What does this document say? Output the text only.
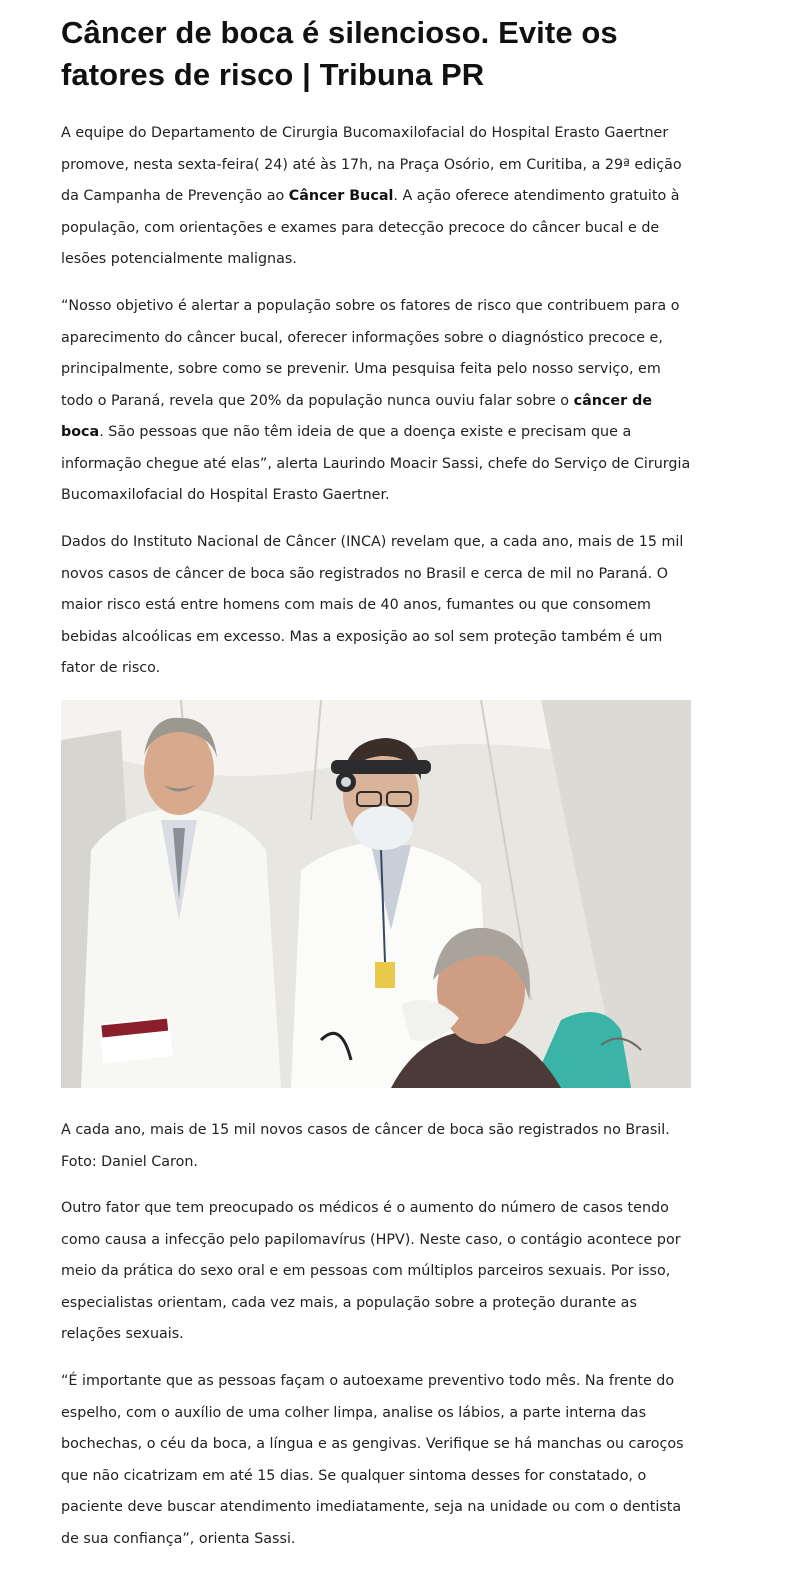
Câncer de boca é silencioso. Evite os fatores de risco | Tribuna PR

A equipe do Departamento de Cirurgia Bucomaxilofacial do Hospital Erasto Gaertner promove, nesta sexta-feira( 24) até às 17h, na Praça Osório, em Curitiba, a 29ª edição da Campanha de Prevenção ao Câncer Bucal. A ação oferece atendimento gratuito à população, com orientações e exames para detecção precoce do câncer bucal e de lesões potencialmente malignas.

“Nosso objetivo é alertar a população sobre os fatores de risco que contribuem para o aparecimento do câncer bucal, oferecer informações sobre o diagnóstico precoce e, principalmente, sobre como se prevenir. Uma pesquisa feita pelo nosso serviço, em todo o Paraná, revela que 20% da população nunca ouviu falar sobre o câncer de boca. São pessoas que não têm ideia de que a doença existe e precisam que a informação chegue até elas”, alerta Laurindo Moacir Sassi, chefe do Serviço de Cirurgia Bucomaxilofacial do Hospital Erasto Gaertner.

Dados do Instituto Nacional de Câncer (INCA) revelam que, a cada ano, mais de 15 mil novos casos de câncer de boca são registrados no Brasil e cerca de mil no Paraná. O maior risco está entre homens com mais de 40 anos, fumantes ou que consomem bebidas alcoólicas em excesso. Mas a exposição ao sol sem proteção também é um fator de risco.

A cada ano, mais de 15 mil novos casos de câncer de boca são registrados no Brasil. Foto: Daniel Caron.

Outro fator que tem preocupado os médicos é o aumento do número de casos tendo como causa a infecção pelo papilomavírus (HPV). Neste caso, o contágio acontece por meio da prática do sexo oral e em pessoas com múltiplos parceiros sexuais. Por isso, especialistas orientam, cada vez mais, a população sobre a proteção durante as relações sexuais.

“É importante que as pessoas façam o autoexame preventivo todo mês. Na frente do espelho, com o auxílio de uma colher limpa, analise os lábios, a parte interna das bochechas, o céu da boca, a língua e as gengivas. Verifique se há manchas ou caroços que não cicatrizam em até 15 dias. Se qualquer sintoma desses for constatado, o paciente deve buscar atendimento imediatamente, seja na unidade ou com o dentista de sua confiança”, orienta Sassi.
